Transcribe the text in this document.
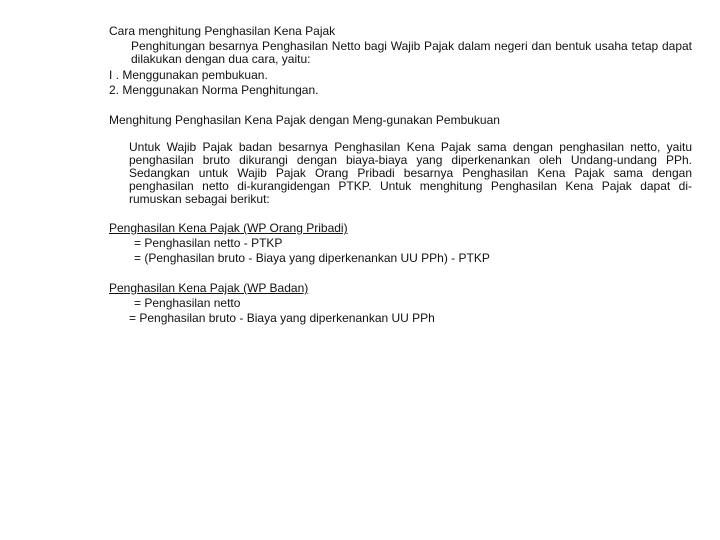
Cara menghitung Penghasilan Kena Pajak
Penghitungan besarnya Penghasilan Netto bagi Wajib Pajak dalam negeri dan bentuk usaha tetap dapat dilakukan dengan dua cara, yaitu:
I . Menggunakan pembukuan.
2. Menggunakan Norma Penghitungan.
Menghitung Penghasilan Kena Pajak dengan Meng-gunakan Pembukuan
Untuk Wajib Pajak badan besarnya Penghasilan Kena Pajak sama dengan penghasilan netto, yaitu penghasilan bruto dikurangi dengan biaya-biaya yang diperkenankan oleh Undang-undang PPh. Sedangkan untuk Wajib Pajak Orang Pribadi besarnya Penghasilan Kena Pajak sama dengan penghasilan netto di-kurangidengan PTKP. Untuk menghitung Penghasilan Kena Pajak dapat di-rumuskan sebagai berikut:
Penghasilan Kena Pajak (WP Orang Pribadi)
= Penghasilan netto - PTKP
= (Penghasilan bruto - Biaya yang diperkenankan UU PPh) - PTKP
Penghasilan Kena Pajak (WP Badan)
= Penghasilan netto
= Penghasilan bruto - Biaya yang diperkenankan UU PPh
